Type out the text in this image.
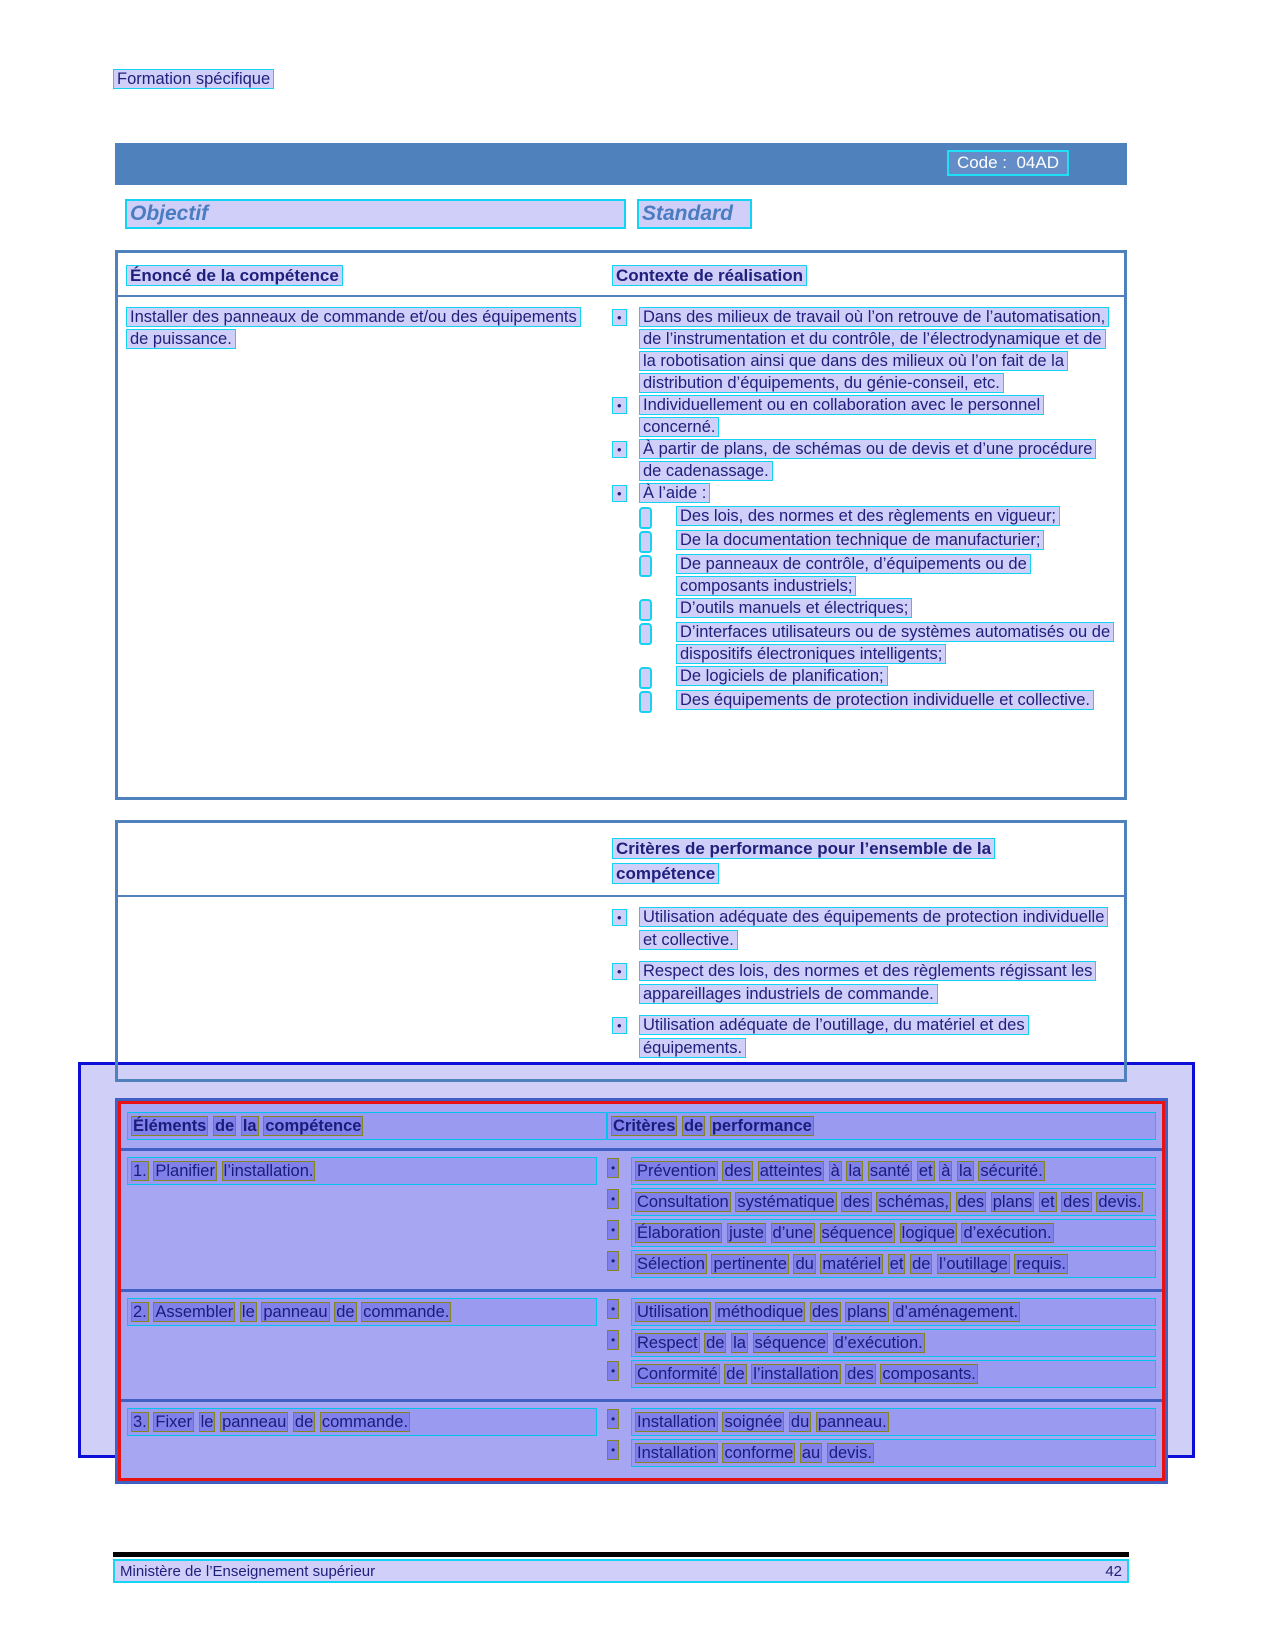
Formation spécifique
Code :  04AD
Objectif	Standard
Énoncé de la compétence	Contexte de réalisation
Installer des panneaux de commande et/ou des équipements de puissance.
•	Dans des milieux de travail où l’on retrouve de l’automatisation, de l’instrumentation et du contrôle, de l’électrodynamique et de la robotisation ainsi que dans des milieux où l’on fait de la distribution d’équipements, du génie-conseil, etc.
•	Individuellement ou en collaboration avec le personnel concerné.
•	À partir de plans, de schémas ou de devis et d’une procédure de cadenassage.
•	À l’aide :
Des lois, des normes et des règlements en vigueur;
De la documentation technique de manufacturier;
De panneaux de contrôle, d’équipements ou de composants industriels;
D’outils manuels et électriques;
D’interfaces utilisateurs ou de systèmes automatisés ou de dispositifs électroniques intelligents;
De logiciels de planification;
Des équipements de protection individuelle et collective.
Critères de performance pour l’ensemble de la compétence
•	Utilisation adéquate des équipements de protection individuelle et collective.
•	Respect des lois, des normes et des règlements régissant les appareillages industriels de commande.
•	Utilisation adéquate de l’outillage, du matériel et des équipements.
Éléments de la compétence	Critères de performance
1. Planifier l’installation.	•	Prévention des atteintes à la santé et à la sécurité.
•	Consultation systématique des schémas, des plans et des devis.
•	Élaboration juste d’une séquence logique d’exécution.
•	Sélection pertinente du matériel et de l’outillage requis.
2. Assembler le panneau de commande.	•	Utilisation méthodique des plans d’aménagement.
•	Respect de la séquence d’exécution.
•	Conformité de l’installation des composants.
3. Fixer le panneau de commande.	•	Installation soignée du panneau.
•	Installation conforme au devis.
Ministère de l’Enseignement supérieur	42
